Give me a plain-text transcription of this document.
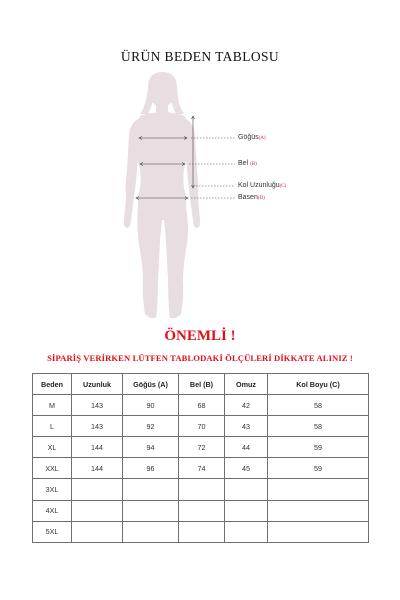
ÜRÜN BEDEN TABLOSU
Göğüs(A)
Bel (B)
Kol Uzunluğu(C)
Basen(D)
ÖNEMLİ !
SİPARİŞ VERİRKEN LÜTFEN TABLODAKİ ÖLÇÜLERİ DİKKATE ALINIZ !
Beden	Uzunluk	Göğüs (A)	Bel (B)	Omuz	Kol Boyu (C)
M	143	90	68	42	58
L	143	92	70	43	58
XL	144	94	72	44	59
XXL	144	96	74	45	59
3XL					
4XL					
5XL					
